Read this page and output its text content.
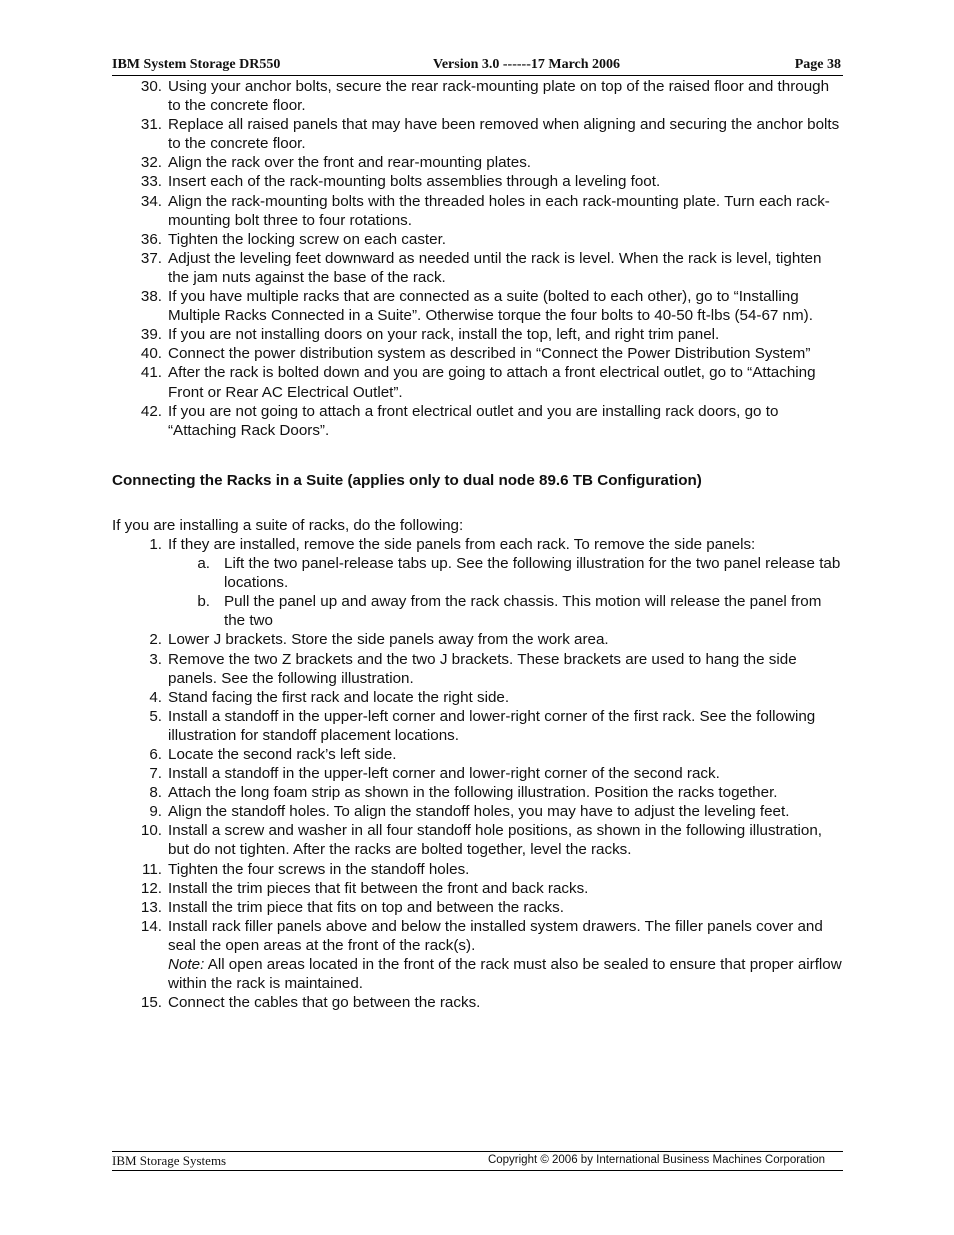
IBM System Storage DR550	Version 3.0 ------17 March 2006	Page 38
30. Using your anchor bolts, secure the rear rack-mounting plate on top of the raised floor and through to the concrete floor.
31. Replace all raised panels that may have been removed when aligning and securing the anchor bolts to the concrete floor.
32. Align the rack over the front and rear-mounting plates.
33. Insert each of the rack-mounting bolts assemblies through a leveling foot.
34. Align the rack-mounting bolts with the threaded holes in each rack-mounting plate. Turn each rack-mounting bolt three to four rotations.
36. Tighten the locking screw on each caster.
37. Adjust the leveling feet downward as needed until the rack is level. When the rack is level, tighten the jam nuts against the base of the rack.
38. If you have multiple racks that are connected as a suite (bolted to each other), go to “Installing Multiple Racks Connected in a Suite”. Otherwise torque the four bolts to 40-50 ft-lbs (54-67 nm).
39. If you are not installing doors on your rack, install the top, left, and right trim panel.
40. Connect the power distribution system as described in “Connect the Power Distribution System”
41. After the rack is bolted down and you are going to attach a front electrical outlet, go to “Attaching Front or Rear AC Electrical Outlet”.
42. If you are not going to attach a front electrical outlet and you are installing rack doors, go to “Attaching Rack Doors”.
Connecting the Racks in a Suite (applies only to dual node 89.6 TB Configuration)
If you are installing a suite of racks, do the following:
1. If they are installed, remove the side panels from each rack. To remove the side panels:
a. Lift the two panel-release tabs up. See the following illustration for the two panel release tab locations.
b. Pull the panel up and away from the rack chassis. This motion will release the panel from the two
2. Lower J brackets. Store the side panels away from the work area.
3. Remove the two Z brackets and the two J brackets. These brackets are used to hang the side panels. See the following illustration.
4. Stand facing the first rack and locate the right side.
5. Install a standoff in the upper-left corner and lower-right corner of the first rack. See the following illustration for standoff placement locations.
6. Locate the second rack’s left side.
7. Install a standoff in the upper-left corner and lower-right corner of the second rack.
8. Attach the long foam strip as shown in the following illustration. Position the racks together.
9. Align the standoff holes. To align the standoff holes, you may have to adjust the leveling feet.
10. Install a screw and washer in all four standoff hole positions, as shown in the following illustration, but do not tighten. After the racks are bolted together, level the racks.
11. Tighten the four screws in the standoff holes.
12. Install the trim pieces that fit between the front and back racks.
13. Install the trim piece that fits on top and between the racks.
14. Install rack filler panels above and below the installed system drawers. The filler panels cover and seal the open areas at the front of the rack(s).
Note: All open areas located in the front of the rack must also be sealed to ensure that proper airflow within the rack is maintained.
15. Connect the cables that go between the racks.
IBM Storage Systems	Copyright © 2006 by International Business Machines Corporation
